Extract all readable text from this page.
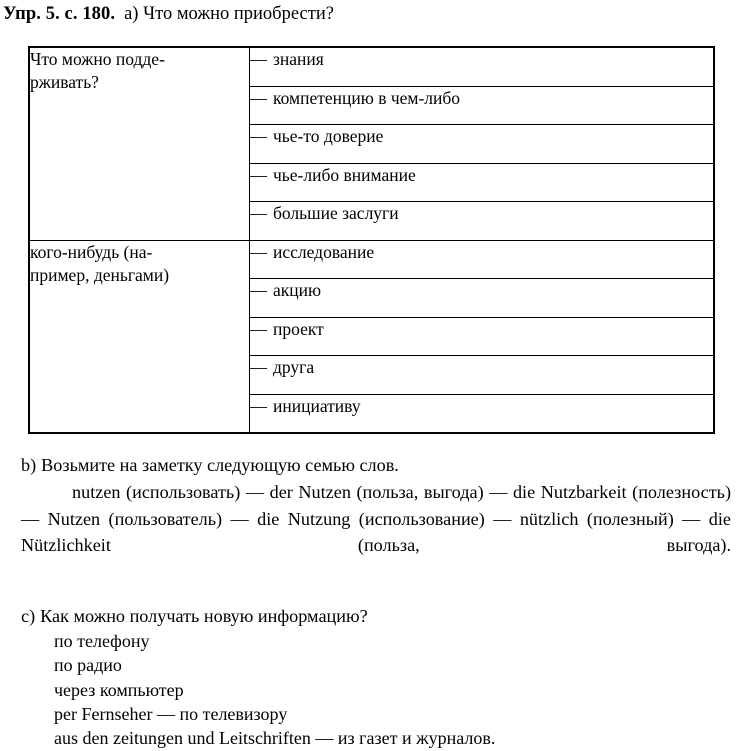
Упр. 5. с. 180. а) Что можно приобрести?
Что можно подде-
рживать?	— знания
	— компетенцию в чем-либо
	— чье-то доверие
	— чье-либо внимание
	— большие заслуги

кого-нибудь (на-
пример, деньгами)	— исследование
	— акцию
	— проект
	— друга
	— инициативу
b) Возьмите на заметку следующую семью слов.

nutzen (использовать) — der Nutzen (польза, выгода) — die Nutzbarkeit (полезность) — Nutzen (пользователь) — die Nutzung (использование) — nützlich (полезный) — die Nützlichkeit (польза, выгода).

c) Как можно получать новую информацию?
по телефону
по радио
через компьютер
per Fernseher — по телевизору
aus den zeitungen und Leitschriften — из газет и журналов.
